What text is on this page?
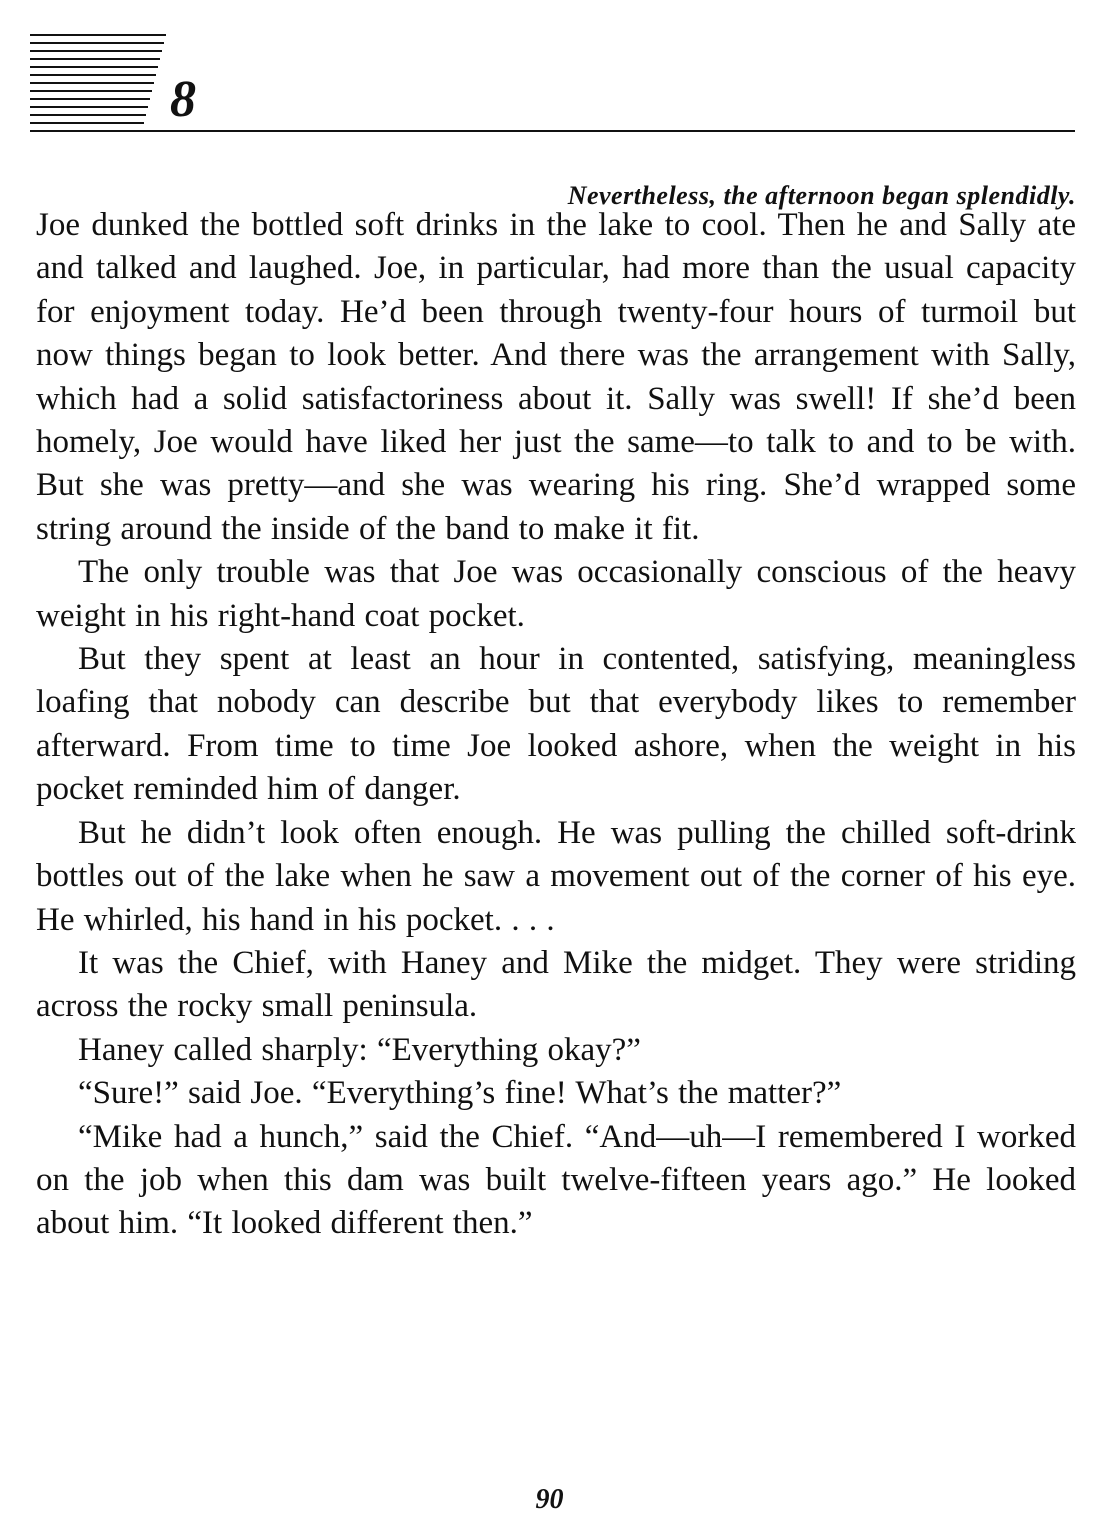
8

Nevertheless, the afternoon began splendidly.

Joe dunked the bottled soft drinks in the lake to cool. Then he and Sally ate and talked and laughed. Joe, in particular, had more than the usual capacity for enjoyment today. He’d been through twenty-four hours of turmoil but now things began to look better. And there was the arrangement with Sally, which had a solid satisfactoriness about it. Sally was swell! If she’d been homely, Joe would have liked her just the same—to talk to and to be with. But she was pretty—and she was wearing his ring. She’d wrapped some string around the inside of the band to make it fit.

The only trouble was that Joe was occasionally conscious of the heavy weight in his right-hand coat pocket.

But they spent at least an hour in contented, satisfying, meaningless loafing that nobody can describe but that everybody likes to remember afterward. From time to time Joe looked ashore, when the weight in his pocket reminded him of danger.

But he didn’t look often enough. He was pulling the chilled soft-drink bottles out of the lake when he saw a movement out of the corner of his eye. He whirled, his hand in his pocket. . . .

It was the Chief, with Haney and Mike the midget. They were striding across the rocky small peninsula.

Haney called sharply: “Everything okay?”

“Sure!” said Joe. “Everything’s fine! What’s the matter?”

“Mike had a hunch,” said the Chief. “And—uh—I remembered I worked on the job when this dam was built twelve-fifteen years ago.” He looked about him. “It looked different then.”

90
